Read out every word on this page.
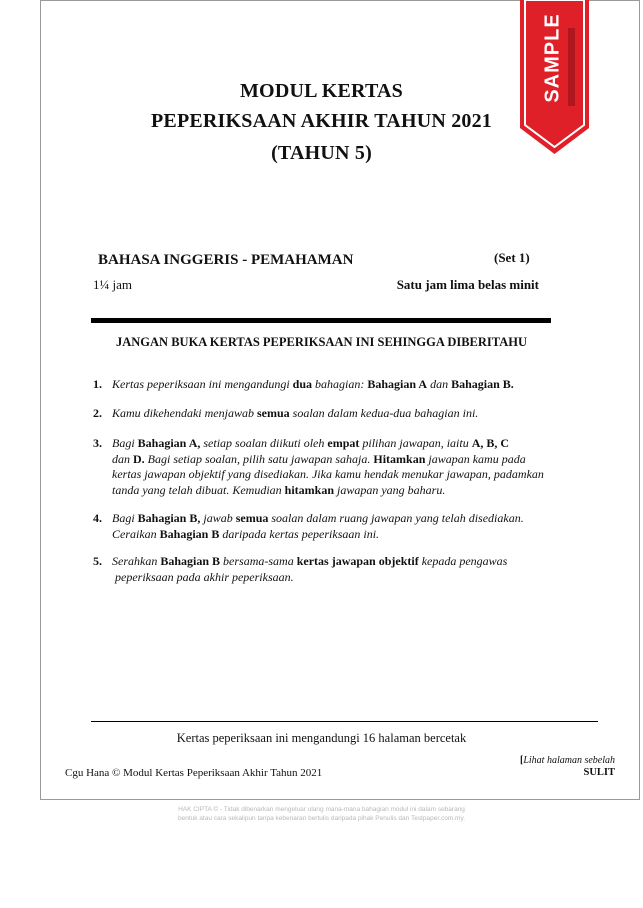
MODUL KERTAS
PEPERIKSAAN AKHIR TAHUN 2021
(TAHUN 5)
SAMPLE
BAHASA INGGERIS - PEMAHAMAN	(Set 1)
1¼ jam	Satu jam lima belas minit
JANGAN BUKA KERTAS PEPERIKSAAN INI SEHINGGA DIBERITAHU
1. Kertas peperiksaan ini mengandungi dua bahagian: Bahagian A dan Bahagian B.
2. Kamu dikehendaki menjawab semua soalan dalam kedua-dua bahagian ini.
3. Bagi Bahagian A, setiap soalan diikuti oleh empat pilihan jawapan, iaitu A, B, C
dan D. Bagi setiap soalan, pilih satu jawapan sahaja. Hitamkan jawapan kamu pada kertas jawapan objektif yang disediakan. Jika kamu hendak menukar jawapan, padamkan tanda yang telah dibuat. Kemudian hitamkan jawapan yang baharu.
4. Bagi Bahagian B, jawab semua soalan dalam ruang jawapan yang telah disediakan.
Ceraikan Bahagian B daripada kertas peperiksaan ini.
5. Serahkan Bahagian B bersama-sama kertas jawapan objektif kepada pengawas
peperiksaan pada akhir peperiksaan.
Kertas peperiksaan ini mengandungi 16 halaman bercetak
[Lihat halaman sebelah
Cgu Hana © Modul Kertas Peperiksaan Akhir Tahun 2021	SULIT
HAK CIPTA © - Tidak dibenarkan mengeluar ulang mana-mana bahagian modul ini dalam sebarang
bentuk atau cara sekalipun tanpa kebenaran bertulis daripada pihak Penulis dan Testpaper.com.my.
